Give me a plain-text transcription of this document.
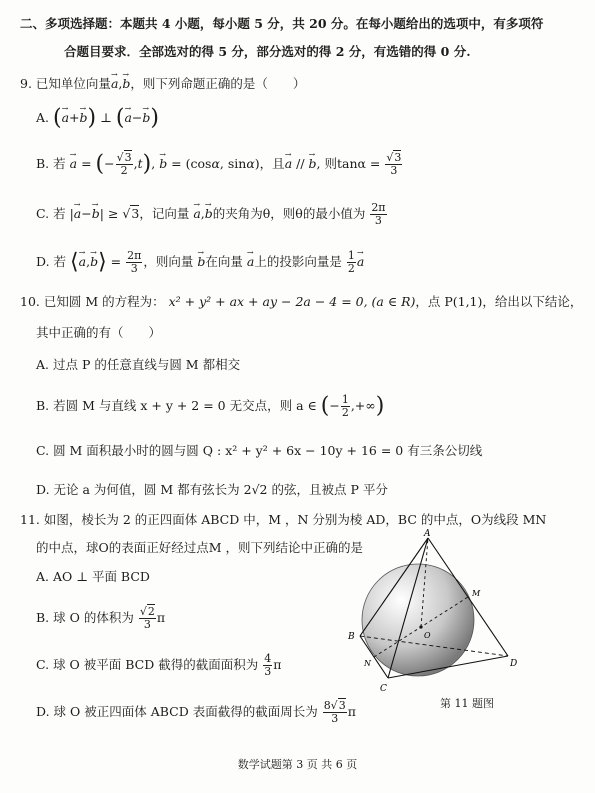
二、多项选择题：本题共 4 小题，每小题 5 分，共 20 分。在每小题给出的选项中，有多项符
合题目要求．全部选对的得 5 分，部分选对的得 2 分，有选错的得 0 分.
9. 已知单位向量→ a,→ b，则下列命题正确的是（　　）
A. (→ a+→ b) ⊥ (→ a−→ b)
B. 若 → a = (− $\frac{√3}{2} ,t$), → b = (cosα, sinα)，且→ a // → b, 则$\tan\alpha = \frac{√3}{3}$
C. 若 |→ a−→ b| ≥ √3，记向量 → a,→ b的夹角为θ，则θ的最小值为 $\frac{2\pi}{3}$
D. 若 ⟨→ a,→ b⟩ = $\frac{2\pi}{3}$ ，则向量 → b在向量 → a上的投影向量是 $\frac{1}{2}$
→ a
10. 已知圆 M 的方程为： x² + y² + ax + ay − 2a − 4 = 0, (a ∈ R)，点 P(1,1)，给出以下结论，
其中正确的有（　　）
A. 过点 P 的任意直线与圆 M 都相交
B. 若圆 M 与直线 x + y + 2 = 0 无交点，则 a ∈ (− $\frac{1}{2}$ ,+∞)
C. 圆 M 面积最小时的圆与圆 Q : x² + y² + 6x − 10y + 16 = 0 有三条公切线
D. 无论 a 为何值，圆 M 都有弦长为 2√2 的弦，且被点 P 平分
11. 如图，棱长为 2 的正四面体 ABCD 中，M ，N 分别为棱 AD，BC 的中点，O为线段 MN
的中点，球O的表面正好经过点M ，则下列结论中正确的是
A. AO ⊥ 平面 BCD
B. 球 O 的体积为 $\frac{√2}{3}$ π
C. 球 O 被平面 BCD 截得的截面面积为 $\frac{4}{3}$ π
D. 球 O 被正四面体 ABCD 表面截得的截面周长为 $\frac{8√3}{3}$ π
A
B
C
D
M
N
O
第 11 题图
数学试题第 3 页 共 6 页
